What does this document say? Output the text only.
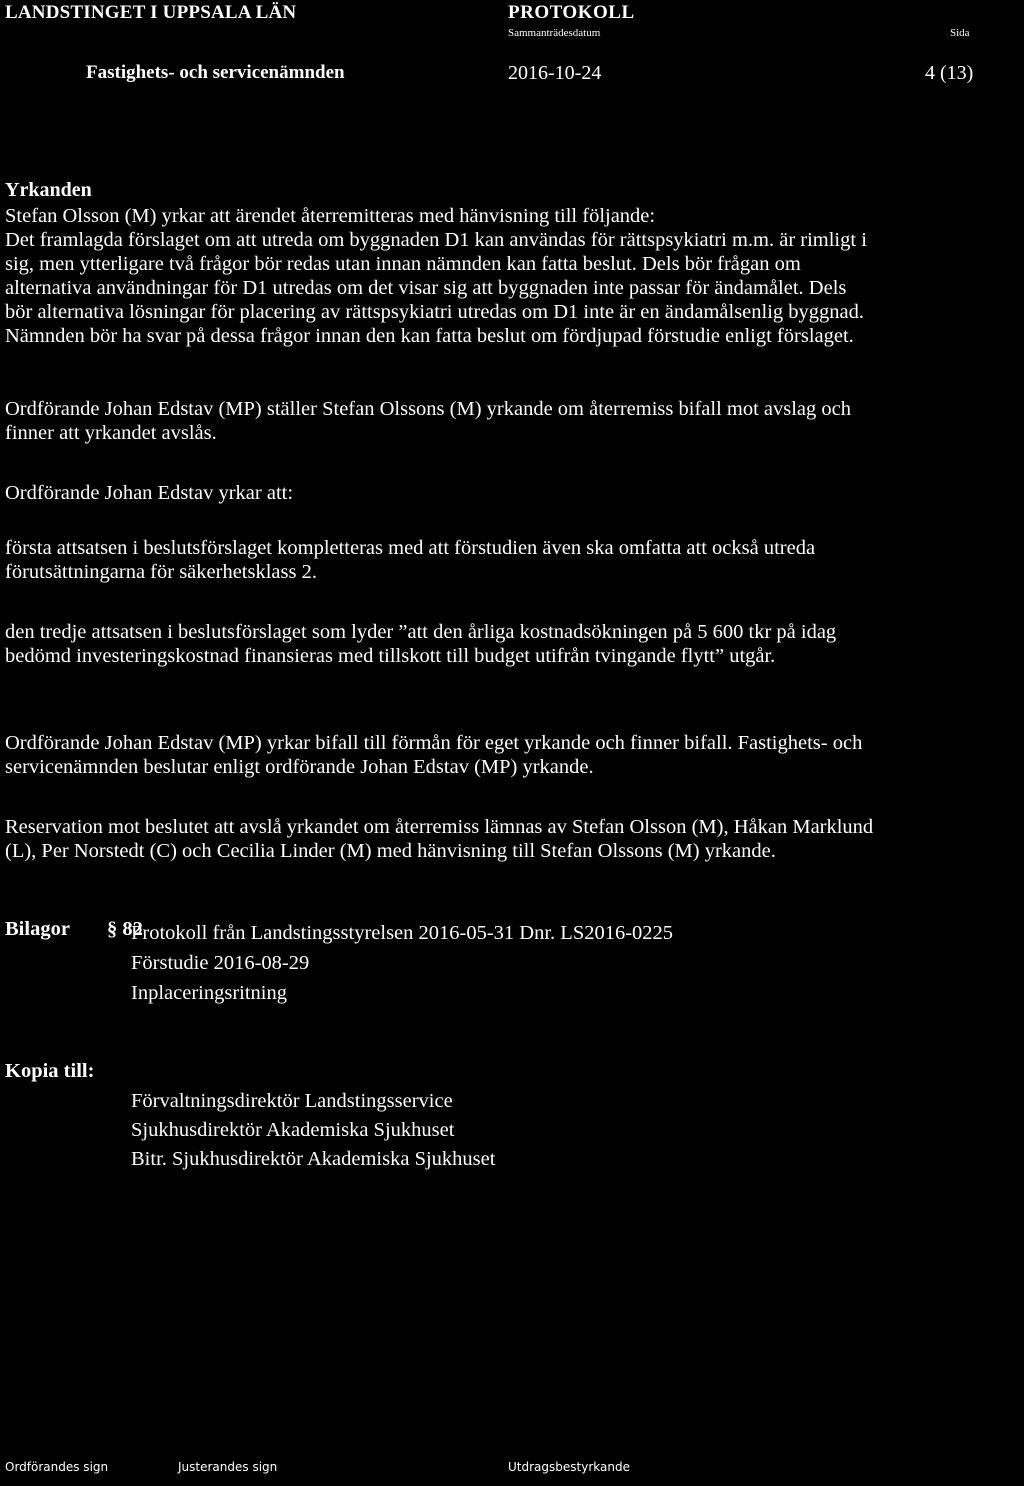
LANDSTINGET I UPPSALA LÄN	PROTOKOLL
Sammanträdesdatum	Sida
Fastighets- och servicenämnden	2016-10-24	4 (13)
Yrkanden
Stefan Olsson (M) yrkar att ärendet återremitteras med hänvisning till följande:
Det framlagda förslaget om att utreda om byggnaden D1 kan användas för rättspsykiatri m.m. är rimligt i
sig, men ytterligare två frågor bör redas utan innan nämnden kan fatta beslut. Dels bör frågan om
alternativa användningar för D1 utredas om det visar sig att byggnaden inte passar för ändamålet. Dels
bör alternativa lösningar för placering av rättspsykiatri utredas om D1 inte är en ändamålsenlig byggnad.
Nämnden bör ha svar på dessa frågor innan den kan fatta beslut om fördjupad förstudie enligt förslaget.
Ordförande Johan Edstav (MP) ställer Stefan Olssons (M) yrkande om återremiss bifall mot avslag och
finner att yrkandet avslås.
Ordförande Johan Edstav yrkar att:
första attsatsen i beslutsförslaget kompletteras med att förstudien även ska omfatta att också utreda
förutsättningarna för säkerhetsklass 2.
den tredje attsatsen i beslutsförslaget som lyder ”att den årliga kostnadsökningen på 5 600 tkr på idag
bedömd investeringskostnad finansieras med tillskott till budget utifrån tvingande flytt” utgår.
Ordförande Johan Edstav (MP) yrkar bifall till förmån för eget yrkande och finner bifall. Fastighets- och
servicenämnden beslutar enligt ordförande Johan Edstav (MP) yrkande.
Reservation mot beslutet att avslå yrkandet om återremiss lämnas av Stefan Olsson (M), Håkan Marklund
(L), Per Norstedt (C) och Cecilia Linder (M) med hänvisning till Stefan Olssons (M) yrkande.
Bilagor § 82
Protokoll från Landstingsstyrelsen 2016-05-31 Dnr. LS2016-0225
Förstudie 2016-08-29
Inplaceringsritning
Kopia till:
Förvaltningsdirektör Landstingsservice
Sjukhusdirektör Akademiska Sjukhuset
Bitr. Sjukhusdirektör Akademiska Sjukhuset
Ordförandes sign	Justerandes sign	Utdragsbestyrkande
